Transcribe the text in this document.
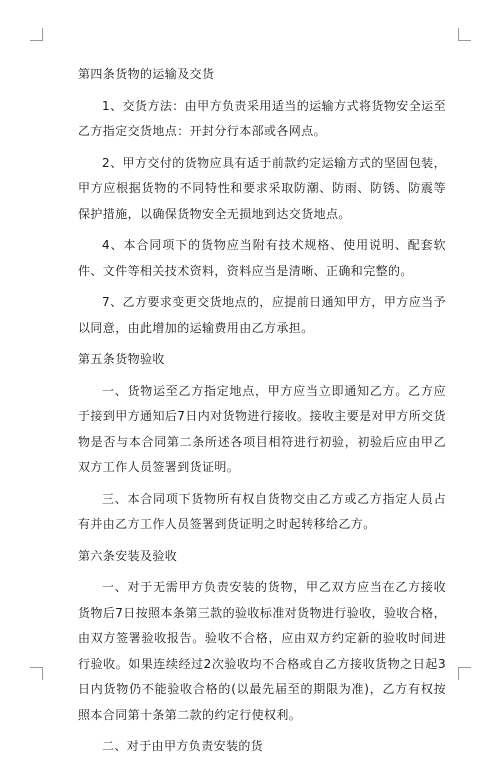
第四条货物的运输及交货

1、交货方法：由甲方负责采用适当的运输方式将货物安全运至乙方指定交货地点：开封分行本部或各网点。

2、甲方交付的货物应具有适于前款约定运输方式的坚固包装，甲方应根据货物的不同特性和要求采取防潮、防雨、防锈、防震等保护措施，以确保货物安全无损地到达交货地点。

4、本合同项下的货物应当附有技术规格、使用说明、配套软件、文件等相关技术资料，资料应当是清晰、正确和完整的。

7、乙方要求变更交货地点的，应提前日通知甲方，甲方应当予以同意，由此增加的运输费用由乙方承担。

第五条货物验收

一、货物运至乙方指定地点，甲方应当立即通知乙方。乙方应于接到甲方通知后7日内对货物进行接收。接收主要是对甲方所交货物是否与本合同第二条所述各项目相符进行初验，初验后应由甲乙双方工作人员签署到货证明。

三、本合同项下货物所有权自货物交由乙方或乙方指定人员占有并由乙方工作人员签署到货证明之时起转移给乙方。

第六条安装及验收

一、对于无需甲方负责安装的货物，甲乙双方应当在乙方接收货物后7日按照本条第三款的验收标准对货物进行验收，验收合格，由双方签署验收报告。验收不合格，应由双方约定新的验收时间进行验收。如果连续经过2次验收均不合格或自乙方接收货物之日起3日内货物仍不能验收合格的(以最先届至的期限为准)，乙方有权按照本合同第十条第二款的约定行使权利。

二、对于由甲方负责安装的货
